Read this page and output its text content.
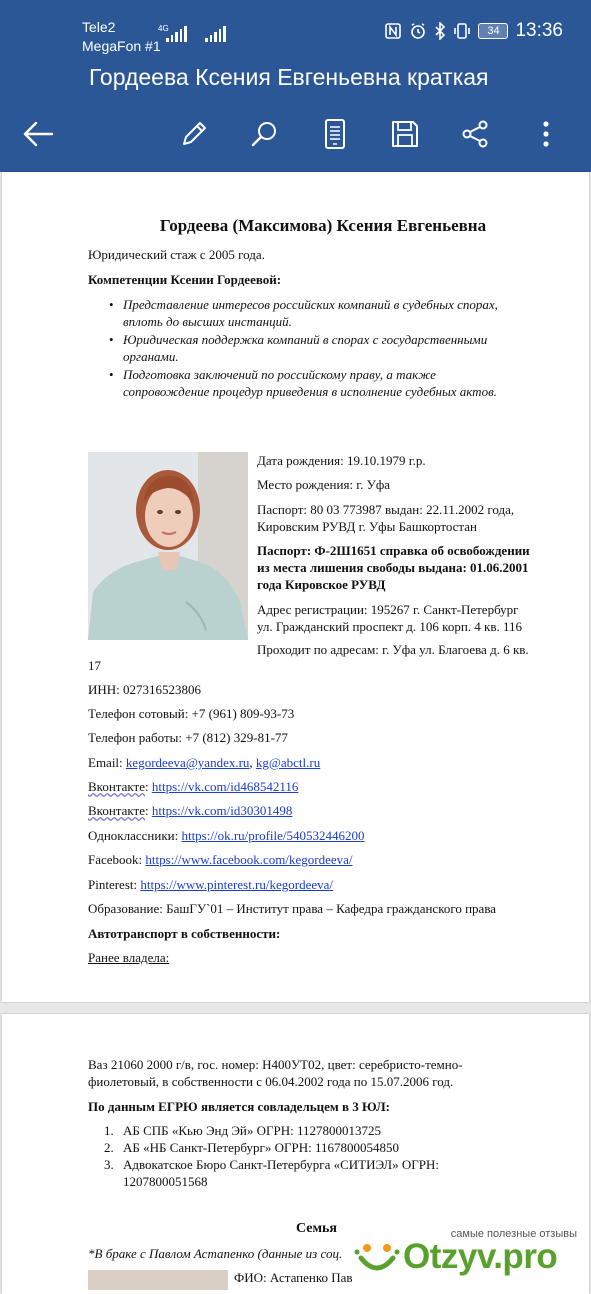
Tele2
MegaFon #1
4G	34 13:36
Гордеева Ксения Евгеньевна краткая
Гордеева (Максимова) Ксения Евгеньевна
Юридический стаж с 2005 года.
Компетенции Ксении Гордеевой:
• Представление интересов российских компаний в судебных спорах,
вплоть до высших инстанций.
• Юридическая поддержка компаний в спорах с государственными
органами.
• Подготовка заключений по российскому праву, а также
сопровождение процедур приведения в исполнение судебных актов.
Дата рождения: 19.10.1979 г.р.
Место рождения: г. Уфа
Паспорт: 80 03 773987 выдан: 22.11.2002 года,
Кировским РУВД г. Уфы Башкортостан
Паспорт: Ф-2Ш1651 справка об освобождении
из места лишения свободы выдана: 01.06.2001
года Кировское РУВД
Адрес регистрации: 195267 г. Санкт-Петербург
ул. Гражданский проспект д. 106 корп. 4 кв. 116
Проходит по адресам: г. Уфа ул. Благоева д. 6 кв.
17
ИНН: 027316523806
Телефон сотовый: +7 (961) 809-93-73
Телефон работы: +7 (812) 329-81-77
Email: kegordeeva@yandex.ru, kg@abctl.ru
Вконтакте: https://vk.com/id468542116
Вконтакте: https://vk.com/id30301498
Одноклассники: https://ok.ru/profile/540532446200
Facebook: https://www.facebook.com/kegordeeva/
Pinterest: https://www.pinterest.ru/kegordeeva/
Образование: БашГУ`01 – Институт права – Кафедра гражданского права
Автотранспорт в собственности:
Ранее владела:
Ваз 21060 2000 г/в, гос. номер: Н400УТ02, цвет: серебристо-темно-
фиолетовый, в собственности с 06.04.2002 года по 15.07.2006 год.
По данным ЕГРЮ является совладельцем в 3 ЮЛ:
1. АБ СПБ «Кью Энд Эй» ОГРН: 1127800013725
2. АБ «НБ Санкт-Петербург» ОГРН: 1167800054850
3. Адвокатское Бюро Санкт-Петербурга «СИТИЭЛ» ОГРН:
1207800051568
Семья
*В браке с Павлом Астапенко (данные из соц.
ФИО: Астапенко Пав
самые полезные отзывы
Otzyv.pro
